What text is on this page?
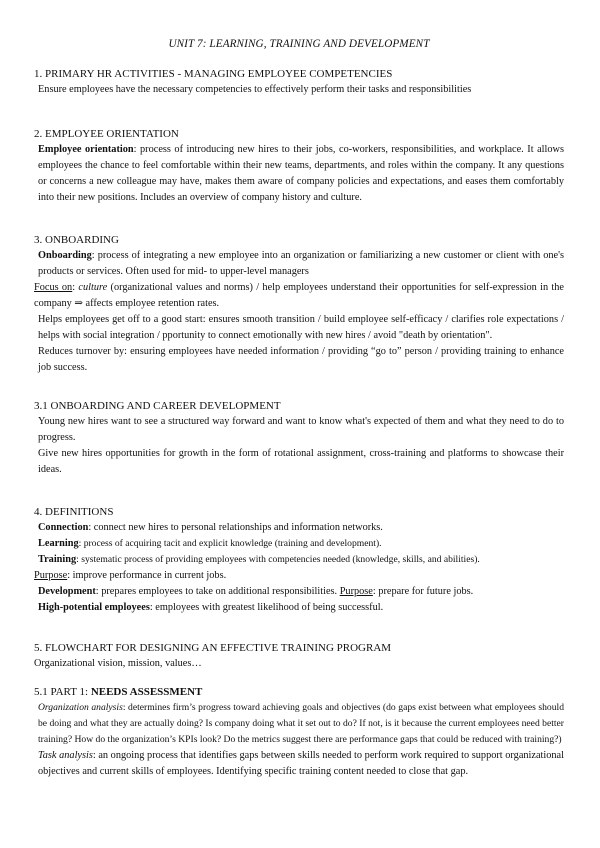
UNIT 7: LEARNING, TRAINING AND DEVELOPMENT
1. PRIMARY HR ACTIVITIES - MANAGING EMPLOYEE COMPETENCIES

Ensure employees have the necessary competencies to effectively perform their tasks and responsibilities

2. EMPLOYEE ORIENTATION

Employee orientation: process of introducing new hires to their jobs, co-workers, responsibilities, and workplace. It allows employees the chance to feel comfortable within their new teams, departments, and roles within the company. It any questions or concerns a new colleague may have, makes them aware of company policies and expectations, and eases them comfortably into their new positions. Includes an overview of company history and culture.

3. ONBOARDING

Onboarding: process of integrating a new employee into an organization or familiarizing a new customer or client with one's products or services. Often used for mid- to upper-level managers

Focus on: culture (organizational values and norms) / help employees understand their opportunities for self-expression in the company ⇒ affects employee retention rates.

Helps employees get off to a good start: ensures smooth transition / build employee self-efficacy / clarifies role expectations / helps with social integration / pportunity to connect emotionally with new hires / avoid "death by orientation".

Reduces turnover by: ensuring employees have needed information / providing “go to” person / providing training to enhance job success.

3.1 ONBOARDING AND CAREER DEVELOPMENT

Young new hires want to see a structured way forward and want to know what's expected of them and what they need to do to progress.

Give new hires opportunities for growth in the form of rotational assignment, cross-training and platforms to showcase their ideas.

4. DEFINITIONS

Connection: connect new hires to personal relationships and information networks.

Learning: process of acquiring tacit and explicit knowledge (training and development).

Training: systematic process of providing employees with competencies needed (knowledge, skills, and abilities).

Purpose: improve performance in current jobs.

Development: prepares employees to take on additional responsibilities. Purpose: prepare for future jobs.

High-potential employees: employees with greatest likelihood of being successful.

5. FLOWCHART FOR DESIGNING AN EFFECTIVE TRAINING PROGRAM

Organizational vision, mission, values…

5.1 PART 1: NEEDS ASSESSMENT

Organization analysis: determines firm’s progress toward achieving goals and objectives (do gaps exist between what employees should be doing and what they are actually doing? Is company doing what it set out to do? If not, is it because the current employees need better training? How do the organization’s KPIs look? Do the metrics suggest there are performance gaps that could be reduced with training?)

Task analysis: an ongoing process that identifies gaps between skills needed to perform work required to support organizational objectives and current skills of employees. Identifying specific training content needed to close that gap.
